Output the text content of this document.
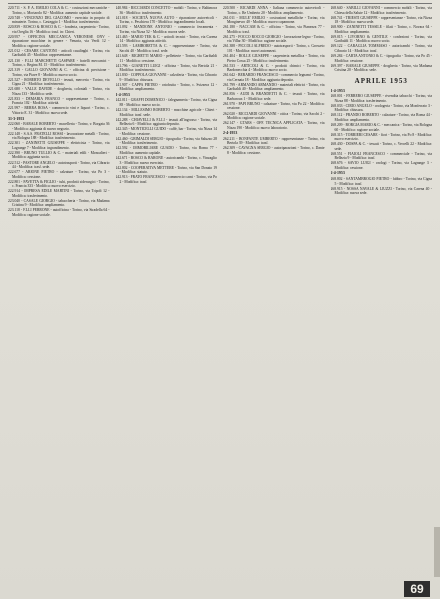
220.711 - S. P. A. EMILIO COLA & C. - costruzioni meccaniche - Torino, c. Mortarolo 82 - Modifica: aumento capitale sociale.
220.748 - VINCENZO DEL GIACOMO - esercizio in proprio di minuterie. Torino, c. Casteggio 1 - Modifica: trasferimento.
220.839 - ROSCO & BOSCO & C. - fonderia, carpenteria - Torino, via Oreglia 16 - Modifica: trasf. in: Chieri.
220.957 - OFFICINA MECCANICA VERONESE ONV - riparazione macchine in genere - Venaria, via Verdi 12 - Modifica: ragione sociale.
221.012 - CESARE CANTONI - articoli casalinghi - Torino, via Garibaldi 45 - Modifica: rappresentanze.
221.130 - F.LLI MARCHETTI GASPARE - fratelli meccanici - Torino, c. Regina M. 15 - Modifica: trasferimento.
221.319 - GALLO GIOVANNI & C. - officina di precisione - Torino, via Piave 8 - Modifica: nuovo socio.
221.527 - ROBERTO DEVELLO - tessuti, merceria - Torino, via Cigna 21 - Modifica: trasferimento.
221.680 - VALLE DAVIDE - drogheria, coloniali - Torino, via Nizza 133 - Modifica: sede.
221.833 - DEMARIA FRANCO - rappresentanze - Torino, c. Francia 102 - Modifica: attività.
221.997 - BERRA ROSA - commercio vini e liquori - Torino, c. Vittorio E. 31 - Modifica: nuova sede.
31-3-1953
222.060 - BARALE ROBERTO - macelleria - Torino, v. Borgata 36 - Modifica: aggiunta di nuovo negozio.
222.148 - S.A.S. FRATELLI ROSSI - lavorazione metalli - Torino, via Bologna 188 - Modifica: trasferimento.
222.301 - ZANINETTI GIUSEPPE - elettricista - Torino, via Lagrange 7 - Modifica: ingrandimento.
222.390 - BRUNO TULLIO & C. - materiali edili - Moncalieri - Modifica: aggiunta socio.
222.512 - PASTORE ANGELO - autotrasporti - Torino, via Cibrario 44 - Modifica: trasf. sede.
222.677 - ARIONE PIETRO - calzature - Torino, via Po 3 - Modifica: cessione.
222.801 - FAVETTA & FIGLIO - tubi, prodotti siderurgici - Torino, c. Francia 333 - Modifica: nuovo esercizio.
222.914 - IMPRESA EDILE MARTINI - Torino, via Tripoli 12 - Modifica: trasferimento.
223.040 - CASALE GIORGIO - tabaccheria - Torino, via Madama Cristina 9 - Modifica: ampliamento.
223.118 - F.LLI PERRONE - autofficina - Torino, via Stradella 64 - Modifica: ragione sociale.
240.984 - RICCIARDI CONCETTO - mobili - Torino, v. Baltimora 36 - Modifica: trasferimento.
241.018 - SOCIETÀ NUOVA AUTO - riparazione autoveicoli - Torino, c. Peschiera 170 - Modifica: ingrandimento locali.
241.092 - MANDONE ANTONIO - commercio ferramenta - Torino, via Nizza 52 - Modifica: nuova sede.
241.465 - MARIO TEK & C. - articoli tecnici - Torino, via Carena 14 - Modifica: aggiunta attività.
241.593 - LAMBORETTA & C. - rappresentanze - Torino, via Sacchi 40 - Modifica: trasf. sede.
241.648 - RIGHETTI MARIO - pelletterie - Torino, via Garibaldi 11 - Modifica: cessione.
241.796 - GIANETTI LUIGI - officina - Torino, via Bertola 21 - Modifica: trasferimento.
241.830 - COPPOLA GIOVANNI - calzoleria - Torino, via Cibrario 9 - Modifica: chiusura.
241.907 - CAPPA PIETRO - ortofrutta - Torino, c. Svizzera 12 - Modifica: ampliamento.
1-4-1953
242.011 - GRAFFI DOMENICO - falegnameria - Torino, via Cigna 88 - Modifica: nuovo socio.
242.134 - MILLESIMO ROBERTO - macchine agricole - Chieri - Modifica: trasf. sede.
242.288 - CHIAVELLI & F.LLI - tessuti all'ingrosso - Torino, via Bellezia 6 - Modifica: aggiunta deposito.
242.345 - MONTICELLI GUIDO - caffè, bar - Torino, via Nizza 14 - Modifica: cessione.
242.460 - GRIMALDI SERGIO - tipografia - Torino, via Saluzzo 28 - Modifica: trasferimento.
242.592 - IMMOBILIARE GUADO - Torino, via Roma 77 - Modifica: aumento capitale.
242.671 - BOSCO & BARONE - autoricambi - Torino, c. Vinzaglio 3 - Modifica: nuovo esercizio.
242.802 - COOPERATIVA METTERE - Torino, via San Donato 19 - Modifica: statuto.
242.913 - FRATO FRANCESCO - commercio carni - Torino, via Po 2 - Modifica: trasf.
220.500 - RICARDI ANNA - Italiana commercio autoveicoli - Torino, c. Re Umberto 20 - Modifica: ampliamento.
261.011 - MULE' EMILIO - costruzioni metalliche - Torino, via Monginevro 40 - Modifica: nuovo capannone.
261.180 - NACCAM & C. - officina - Torino, via Pianezza 77 - Modifica: trasf.
261.275 - FOCCO ROCCO GIORGIO - lavorazione legno - Torino, via Villar 30 - Modifica: ragione sociale.
261.388 - PICCOLI ALFREDO - autotrasporti - Torino, c. Grosseto 101 - Modifica: nuovi automezzi.
261.404 - ROLLE GIUSEPPE - carpenteria metallica - Torino, via Pietro Cossa 25 - Modifica: trasferimento.
261.533 - ARTICOLI & C. - prodotti chimici - Torino, via Bardonecchia 4 - Modifica: nuovo socio.
261.642 - BERARDO FRANCESCO - commercio legnami - Torino, via Cernaia 18 - Modifica: aggiunta deposito.
261.799 - ARMANDO ARMANDO - materiali elettrici - Torino, via Garibaldi 40 - Modifica: ampliamento.
261.856 - AUDI & BRANDETTI & C. - tessuti - Torino, via Barbaroux 1 - Modifica: sede.
261.970 - PAPI BRUNO - calzature - Torino, via Po 22 - Modifica: cessione.
262.020 - RICCIARDI GIOVANNI - ottica - Torino, via Sacchi 2 - Modifica: ragione sociale.
262.147 - GTARS - OFF. TECNICA APPLICATA - Torino, via Nizza 190 - Modifica: nuovo laboratorio.
2-4-1953
262.211 - BONFANTE UMBERTO - rappresentanze - Torino, via Bertola 39 - Modifica: trasf.
262.309 - CAVAGNA SERGIO - autoriparazioni - Torino, c. Dante 8 - Modifica: cessione.
268.640 - SABILLI GIOVANNI - commercio mobili - Torino, via Chiesa della Salute 12 - Modifica: trasferimento.
268.741 - TRIESTI GIUSEPPE - rappresentanze - Torino, via Nizza 18 - Modifica: nuova sede.
268.900 - ZANINETTI TESSILE - filati - Torino, c. Novara 64 - Modifica: ampliamento.
269.015 - LIVORNO & GENTILE - confezioni - Torino, via Garibaldi 11 - Modifica: nuovo socio.
269.122 - CARAGLIA TOMMASO - autoricambi - Torino, via Cibrario 14 - Modifica: trasf.
269.284 - CARTA ANTONIO & C. - tipografia - Torino, via Po 45 - Modifica: cessione.
269.397 - BARALE GIUSEPPE - drogheria - Torino, via Madama Cristina 20 - Modifica: sede.
APRILE 1953
1-4-1953
268.001 - FERRERO GIUSEPPE - rivendita tabacchi - Torino, via Nizza 88 - Modifica: trasferimento.
268.033 - CIRIO ANGELO - orologeria - Torino, via Monferrato 3 - Modifica: chiusura.
268.112 - PRANDO ROBERTO - calzature - Torino, via Roma 44 - Modifica: ampliamento.
268.209 - BORGIA MARIO & C. - meccanica - Torino, via Bologna 60 - Modifica: ragione sociale.
268.315 - TORRIERI CESARE - fiori - Torino, via Po 8 - Modifica: nuovo esercizio.
268.430 - DOSPA & C. - tessuti - Torino, c. Vercelli 22 - Modifica: sede.
268.551 - FIAIOLI FRANCESCO - commerciale - Torino, via Bellezia 9 - Modifica: trasf.
268.676 - SAVIO LUIGI - orologi - Torino, via Lagrange 3 - Modifica: cessione.
2-4-1953
268.802 - SANTAMBROGIO PIETRO - fabbro - Torino, via Cigna 5 - Modifica: trasf.
268.915 - NOSSA NAVALE & LIUZZI - Torino, via Carena 40 - Modifica: nuova sede.
69
